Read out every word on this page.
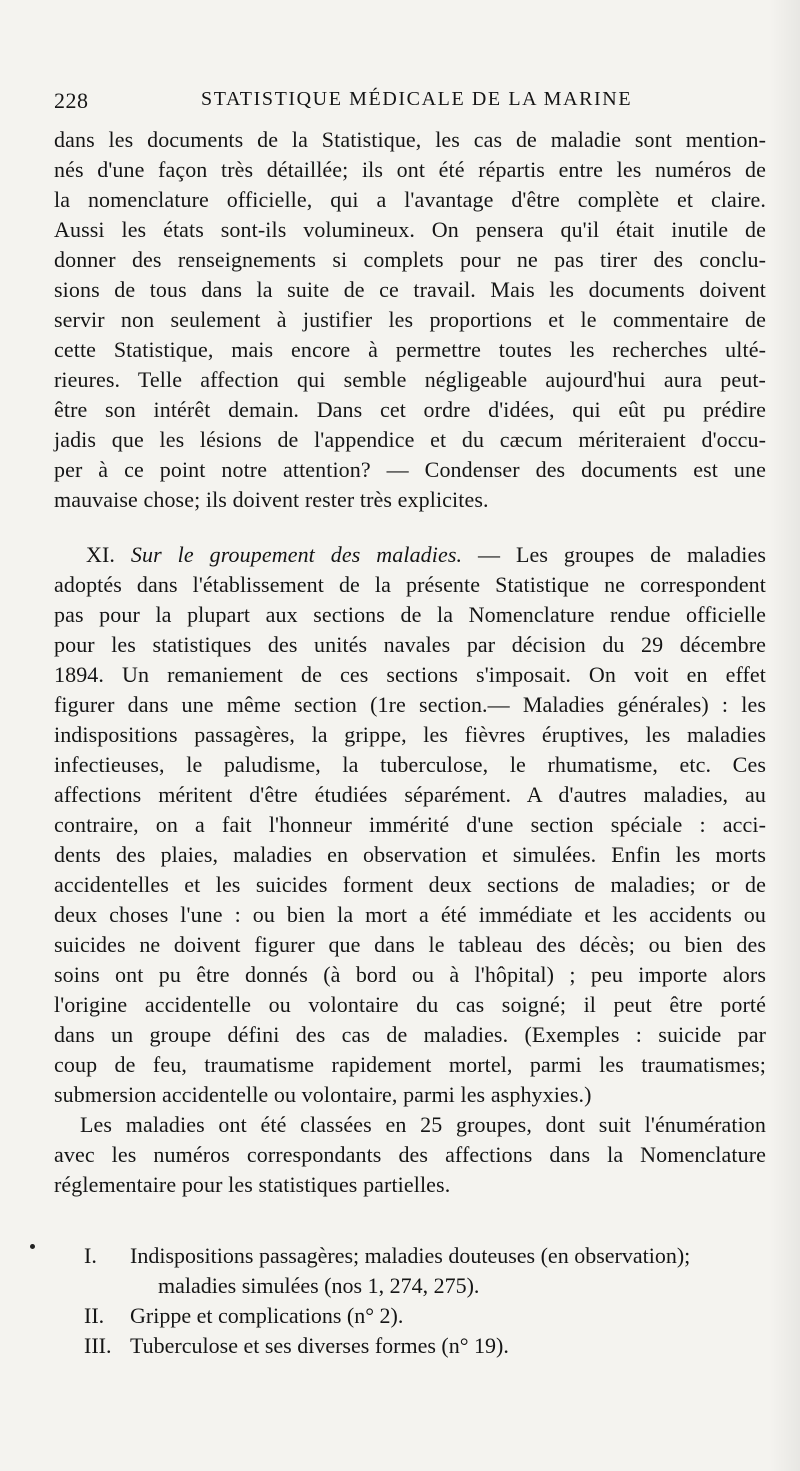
228	STATISTIQUE MÉDICALE DE LA MARINE
dans les documents de la Statistique, les cas de maladie sont mention-
nés d'une façon très détaillée; ils ont été répartis entre les numéros de
la nomenclature officielle, qui a l'avantage d'être complète et claire.
Aussi les états sont-ils volumineux. On pensera qu'il était inutile de
donner des renseignements si complets pour ne pas tirer des conclu-
sions de tous dans la suite de ce travail. Mais les documents doivent
servir non seulement à justifier les proportions et le commentaire de
cette Statistique, mais encore à permettre toutes les recherches ulté-
rieures. Telle affection qui semble négligeable aujourd'hui aura peut-
être son intérêt demain. Dans cet ordre d'idées, qui eût pu prédire
jadis que les lésions de l'appendice et du cæcum mériteraient d'occu-
per à ce point notre attention? — Condenser des documents est une
mauvaise chose; ils doivent rester très explicites.
XI. Sur le groupement des maladies. — Les groupes de maladies
adoptés dans l'établissement de la présente Statistique ne correspondent
pas pour la plupart aux sections de la Nomenclature rendue officielle
pour les statistiques des unités navales par décision du 29 décembre
1894. Un remaniement de ces sections s'imposait. On voit en effet
figurer dans une même section (1re section.— Maladies générales) : les
indispositions passagères, la grippe, les fièvres éruptives, les maladies
infectieuses, le paludisme, la tuberculose, le rhumatisme, etc. Ces
affections méritent d'être étudiées séparément. A d'autres maladies, au
contraire, on a fait l'honneur immérité d'une section spéciale : acci-
dents des plaies, maladies en observation et simulées. Enfin les morts
accidentelles et les suicides forment deux sections de maladies; or de
deux choses l'une : ou bien la mort a été immédiate et les accidents ou
suicides ne doivent figurer que dans le tableau des décès; ou bien des
soins ont pu être donnés (à bord ou à l'hôpital) ; peu importe alors
l'origine accidentelle ou volontaire du cas soigné; il peut être porté
dans un groupe défini des cas de maladies. (Exemples : suicide par
coup de feu, traumatisme rapidement mortel, parmi les traumatismes;
submersion accidentelle ou volontaire, parmi les asphyxies.)
Les maladies ont été classées en 25 groupes, dont suit l'énumération
avec les numéros correspondants des affections dans la Nomenclature
réglementaire pour les statistiques partielles.
I. Indispositions passagères; maladies douteuses (en observation);
maladies simulées (nos 1, 274, 275).
II. Grippe et complications (n° 2).
III. Tuberculose et ses diverses formes (n° 19).
